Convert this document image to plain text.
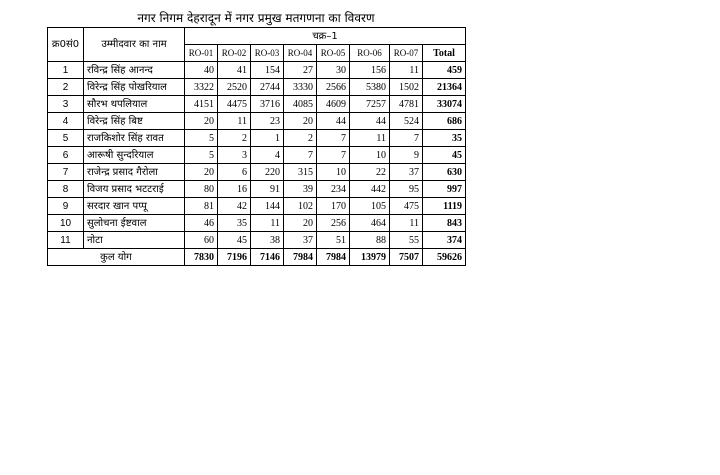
नगर निगम देहरादून में नगर प्रमुख मतगणना का विवरण
क्र0सं0	उम्मीदवार का नाम	चक्र–1							
		RO-01	RO-02	RO-03	RO-04	RO-05	RO-06	RO-07	Total
1	रविन्द्र सिंह आनन्द	40	41	154	27	30	156	11	459
2	विरेन्द्र सिंह पोखरियाल	3322	2520	2744	3330	2566	5380	1502	21364
3	सौरभ थपलियाल	4151	4475	3716	4085	4609	7257	4781	33074
4	विरेन्द्र सिंह बिष्ट	20	11	23	20	44	44	524	686
5	राजकिशोर सिंह रावत	5	2	1	2	7	11	7	35
6	आरूषी सुन्दरियाल	5	3	4	7	7	10	9	45
7	राजेन्द्र प्रसाद गैरोला	20	6	220	315	10	22	37	630
8	विजय प्रसाद भटटराई	80	16	91	39	234	442	95	997
9	सरदार खान पप्पू	81	42	144	102	170	105	475	1119
10	सुलोचना ईष्टवाल	46	35	11	20	256	464	11	843
11	नोटा	60	45	38	37	51	88	55	374
कुल योग		7830	7196	7146	7984	7984	13979	7507	59626
